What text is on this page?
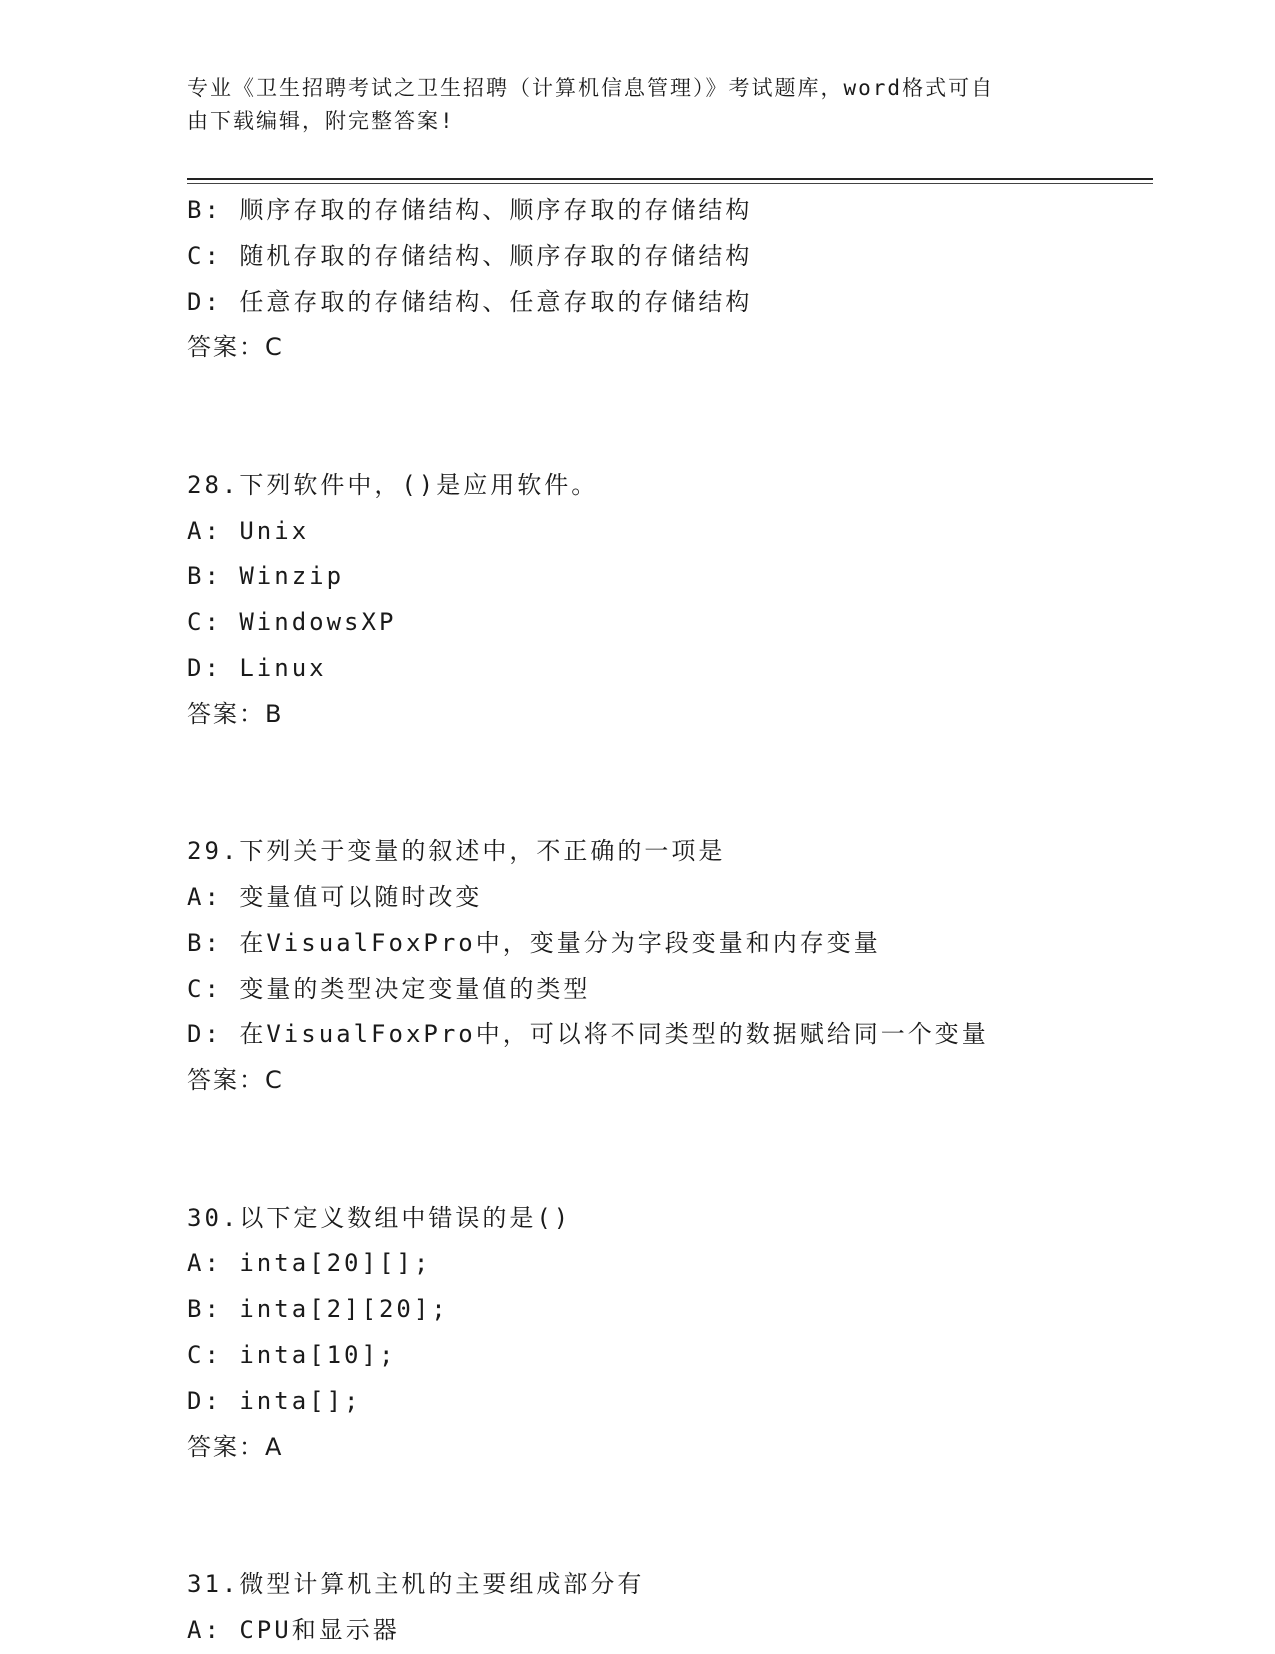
专业《卫生招聘考试之卫生招聘（计算机信息管理）》考试题库，word格式可自
由下载编辑，附完整答案!
B: 顺序存取的存储结构、顺序存取的存储结构
C: 随机存取的存储结构、顺序存取的存储结构
D: 任意存取的存储结构、任意存取的存储结构
答案：C
28.下列软件中，()是应用软件。
A: Unix
B: Winzip
C: WindowsXP
D: Linux
答案：B
29.下列关于变量的叙述中，不正确的一项是
A: 变量值可以随时改变
B: 在VisualFoxPro中，变量分为字段变量和内存变量
C: 变量的类型决定变量值的类型
D: 在VisualFoxPro中，可以将不同类型的数据赋给同一个变量
答案：C
30.以下定义数组中错误的是()
A: inta[20][];
B: inta[2][20];
C: inta[10];
D: inta[];
答案：A
31.微型计算机主机的主要组成部分有
A: CPU和显示器
